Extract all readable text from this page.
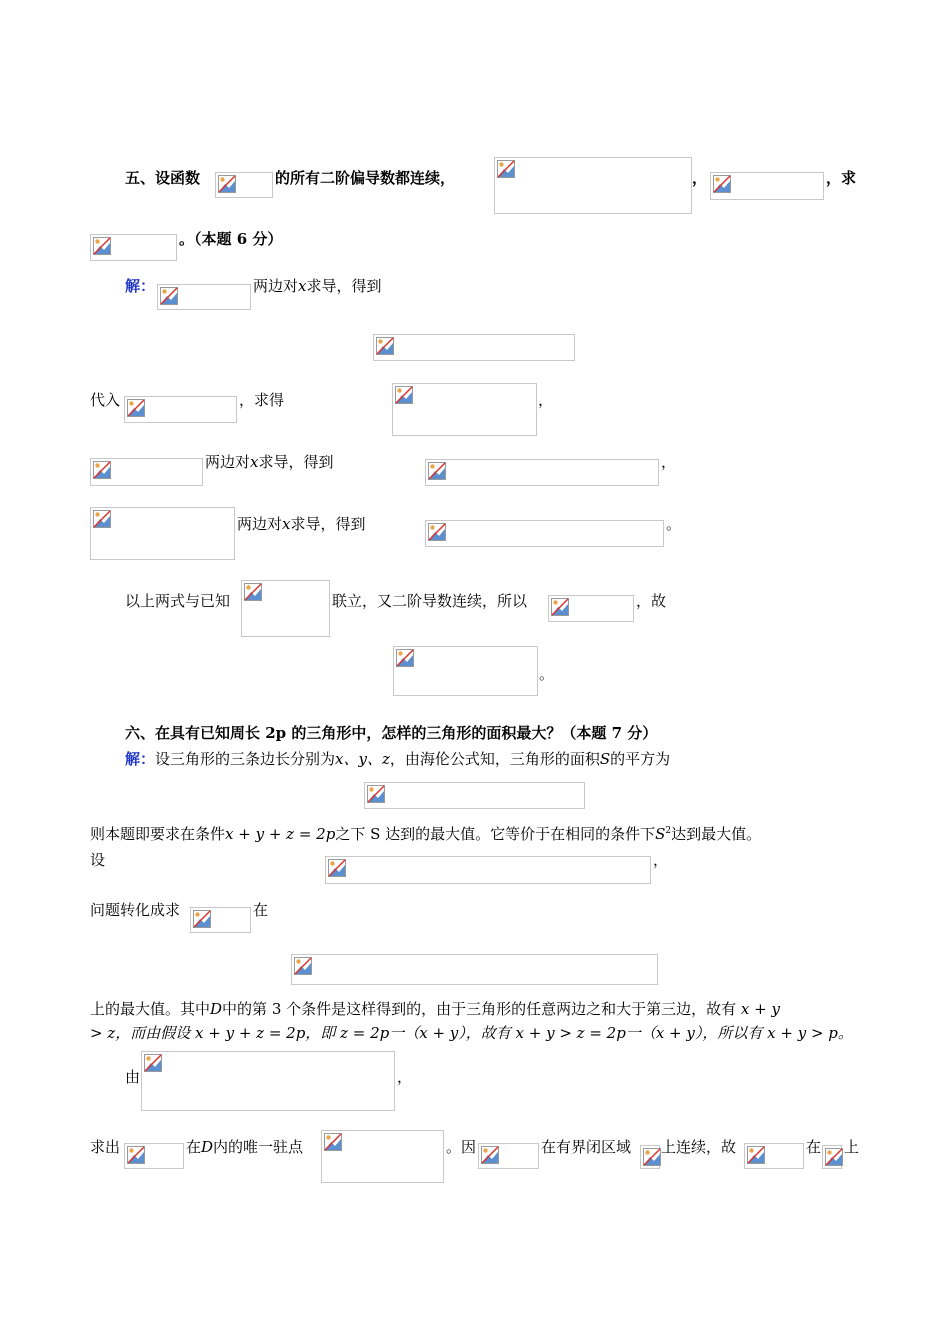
五、设函数	的所有二阶偏导数都连续，	，	，求
。（本题 6 分）
解：	两边对x求导，得到
代入	，求得	，
两边对x求导，得到	，
两边对x求导，得到	。
以上两式与已知	联立，又二阶导数连续，所以	，故
。
六、在具有已知周长 2p 的三角形中，怎样的三角形的面积最大？（本题 7 分）
解：设三角形的三条边长分别为x、y、z，由海伦公式知，三角形的面积S的平方为
则本题即要求在条件x + y + z = 2p之下 S 达到的最大值。它等价于在相同的条件下$S^2$达到最大值。
设	，
问题转化成求	在
上的最大值。其中D中的第 3 个条件是这样得到的，由于三角形的任意两边之和大于第三边，故有 x + y
> z，而由假设 x + y + z = 2p，即 z = 2p一（x + y），故有 x + y > z = 2p一（x + y），所以有 x + y > p。
由	，
求出	在D内的唯一驻点	。因	在有界闭区域 上连续，故	在 上
